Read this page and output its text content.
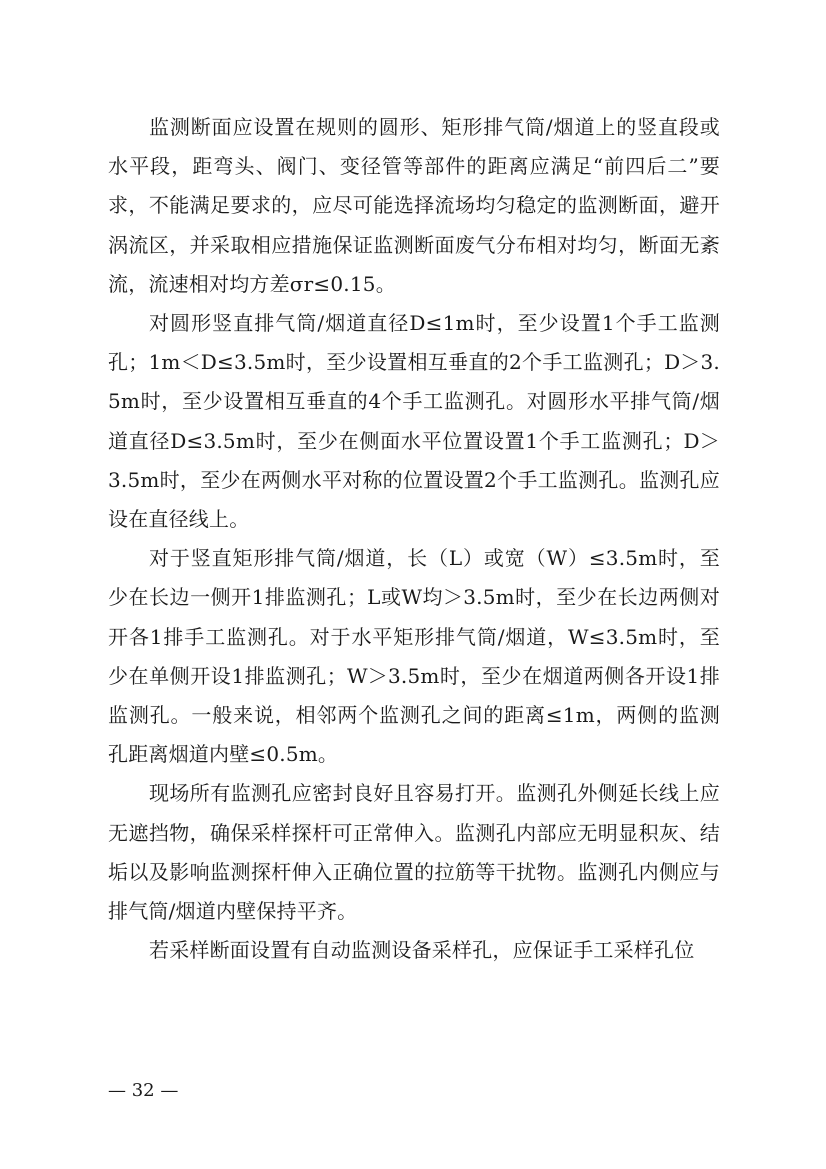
监测断面应设置在规则的圆形、矩形排气筒/烟道上的竖直段或水平段，距弯头、阀门、变径管等部件的距离应满足“前四后二”要求，不能满足要求的，应尽可能选择流场均匀稳定的监测断面，避开涡流区，并采取相应措施保证监测断面废气分布相对均匀，断面无紊流，流速相对均方差σr≤0.15。

对圆形竖直排气筒/烟道直径D≤1m时，至少设置1个手工监测孔；1m＜D≤3.5m时，至少设置相互垂直的2个手工监测孔；D＞3.5m时，至少设置相互垂直的4个手工监测孔。对圆形水平排气筒/烟道直径D≤3.5m时，至少在侧面水平位置设置1个手工监测孔；D＞3.5m时，至少在两侧水平对称的位置设置2个手工监测孔。监测孔应设在直径线上。

对于竖直矩形排气筒/烟道，长（L）或宽（W）≤3.5m时，至少在长边一侧开1排监测孔；L或W均＞3.5m时，至少在长边两侧对开各1排手工监测孔。对于水平矩形排气筒/烟道，W≤3.5m时，至少在单侧开设1排监测孔；W＞3.5m时，至少在烟道两侧各开设1排监测孔。一般来说，相邻两个监测孔之间的距离≤1m，两侧的监测孔距离烟道内壁≤0.5m。

现场所有监测孔应密封良好且容易打开。监测孔外侧延长线上应无遮挡物，确保采样探杆可正常伸入。监测孔内部应无明显积灰、结垢以及影响监测探杆伸入正确位置的拉筋等干扰物。监测孔内侧应与排气筒/烟道内壁保持平齐。

若采样断面设置有自动监测设备采样孔，应保证手工采样孔位

— 32 —
